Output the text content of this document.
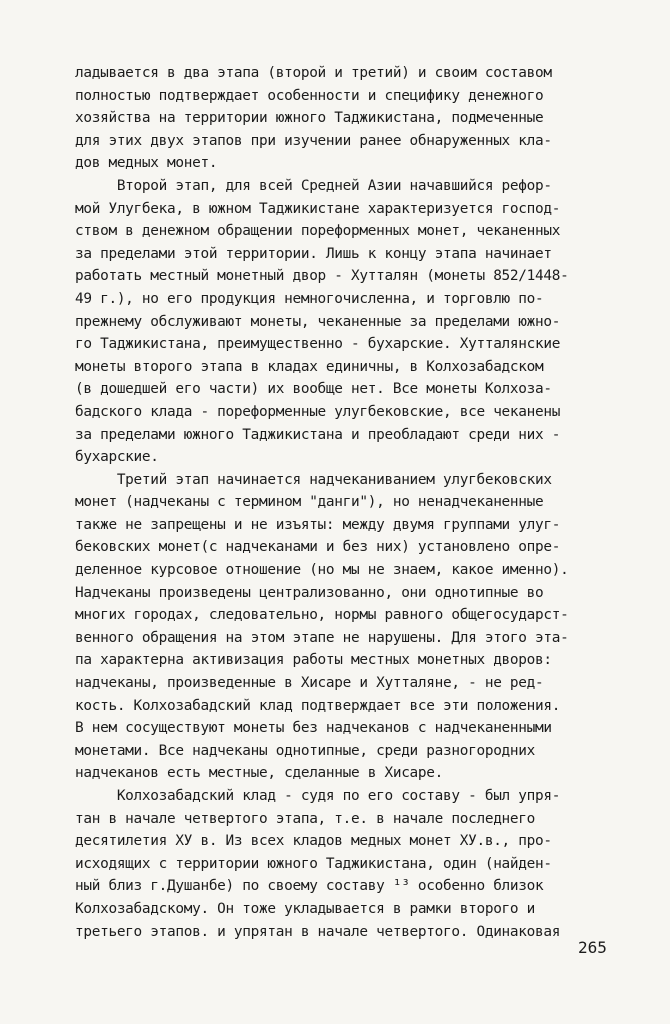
ладывается в два этапа (второй и третий) и своим составом
полностью подтверждает особенности и специфику денежного
хозяйства на территории южного Таджикистана, подмеченные
для этих двух этапов при изучении ранее обнаруженных кла-
дов медных монет.
Второй этап, для всей Средней Азии начавшийся рефор-
мой Улугбека, в южном Таджикистане характеризуется господ-
ством в денежном обращении пореформенных монет, чеканенных
за пределами этой территории. Лишь к концу этапа начинает
работать местный монетный двор - Хутталян (монеты 852/1448-
49 г.), но его продукция немногочисленна, и торговлю по-
прежнему обслуживают монеты, чеканенные за пределами южно-
го Таджикистана, преимущественно - бухарские. Хутталянские
монеты второго этапа в кладах единичны, в Колхозабадском
(в дошедшей его части) их вообще нет. Все монеты Колхоза-
бадского клада - пореформенные улугбековские, все чеканены
за пределами южного Таджикистана и преобладают среди них -
бухарские.
Третий этап начинается надчеканиванием улугбековских
монет (надчеканы с термином "данги"), но ненадчеканенные
также не запрещены и не изъяты: между двумя группами улуг-
бековских монет(с надчеканами и без них) установлено опре-
деленное курсовое отношение (но мы не знаем, какое именно).
Надчеканы произведены централизованно, они однотипные во
многих городах, следовательно, нормы равного общегосударст-
венного обращения на этом этапе не нарушены. Для этого эта-
па характерна активизация работы местных монетных дворов:
надчеканы, произведенные в Хисаре и Хутталяне, - не ред-
кость. Колхозабадский клад подтверждает все эти положения.
В нем сосуществуют монеты без надчеканов с надчеканенными
монетами. Все надчеканы однотипные, среди разногородних
надчеканов есть местные, сделанные в Хисаре.
Колхозабадский клад - судя по его составу - был упря-
тан в начале четвертого этапа, т.е. в начале последнего
десятилетия XУ в. Из всех кладов медных монет XУ.в., про-
исходящих с территории южного Таджикистана, один (найден-
ный близ г.Душанбе) по своему составу ¹³ особенно близок
Колхозабадскому. Он тоже укладывается в рамки второго и
третьего этапов. и упрятан в начале четвертого. Одинаковая
265
